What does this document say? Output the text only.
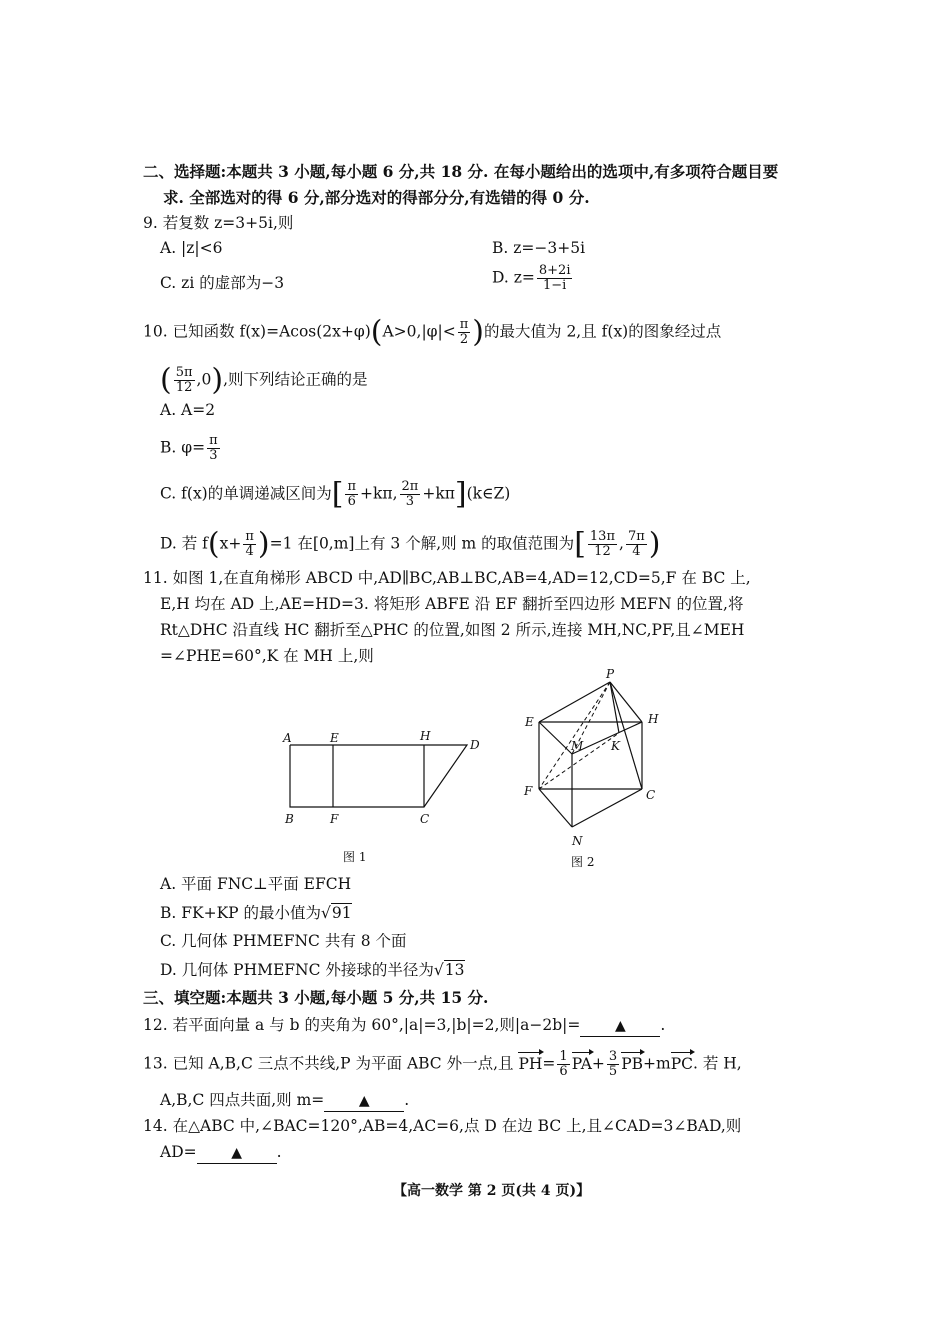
二、选择题:本题共 3 小题,每小题 6 分,共 18 分. 在每小题给出的选项中,有多项符合题目要
求. 全部选对的得 6 分,部分选对的得部分分,有选错的得 0 分.
9. 若复数 z=3+5i,则
A. |z|<6	B. z=−3+5i
C. zi 的虚部为−3	D. $z= \frac{8+2i}{1-i}$
10. 已知函数 $f(x)=Acos(2x+\varphi)(A>0,|\varphi|< \frac{\pi}{2}$ )的最大值为 2,且 f(x)的图象经过点
( $\frac{5\pi}{12} ,0$),则下列结论正确的是
A. A=2
B. $\varphi= \frac{\pi}{3}$
C. f(x)的单调递减区间为[ $\frac{\pi}{6} +k\pi$, $\frac{2\pi}{3}$ +kπ](k∈Z)
D. 若 $f(x+ \frac{\pi}{4} )=1$ 在[0,m]上有 3 个解,则 m 的取值范围为[ $\frac{13\pi}{12}$ , $\frac{7\pi}{4}$ )
11. 如图 1,在直角梯形 ABCD 中,AD∥BC,AB⊥BC,AB=4,AD=12,CD=5,F 在 BC 上,
E,H 均在 AD 上,AE=HD=3. 将矩形 ABFE 沿 EF 翻折至四边形 MEFN 的位置,将
Rt△DHC 沿直线 HC 翻折至△PHC 的位置,如图 2 所示,连接 MH,NC,PF,且∠MEH
=∠PHE=60°,K 在 MH 上,则
A	E	H
D
B	F	C
图 1
P
E	H
M K
F	C
N
图 2
A. 平面 FNC⊥平面 EFCH
B. FK+KP 的最小值为√91
C. 几何体 PHMEFNC 共有 8 个面
D. 几何体 PHMEFNC 外接球的半径为√13
三、填空题:本题共 3 小题,每小题 5 分,共 15 分.
12. 若平面向量 a 与 b 的夹角为 60°,|a|=3,|b|=2,则|a−2b|= ▲ .
13. 已知 A,B,C 三点不共线,P 为平面 ABC 外一点,且 $PH= \frac{1}{6} PA+ \frac{3}{5} PB+mPC$. 若 H,
A,B,C 四点共面,则 m= ▲ .
14. 在△ABC 中,∠BAC=120°,AB=4,AC=6,点 D 在边 BC 上,且∠CAD=3∠BAD,则
AD= ▲ .
【高一数学 第 2 页(共 4 页)】
